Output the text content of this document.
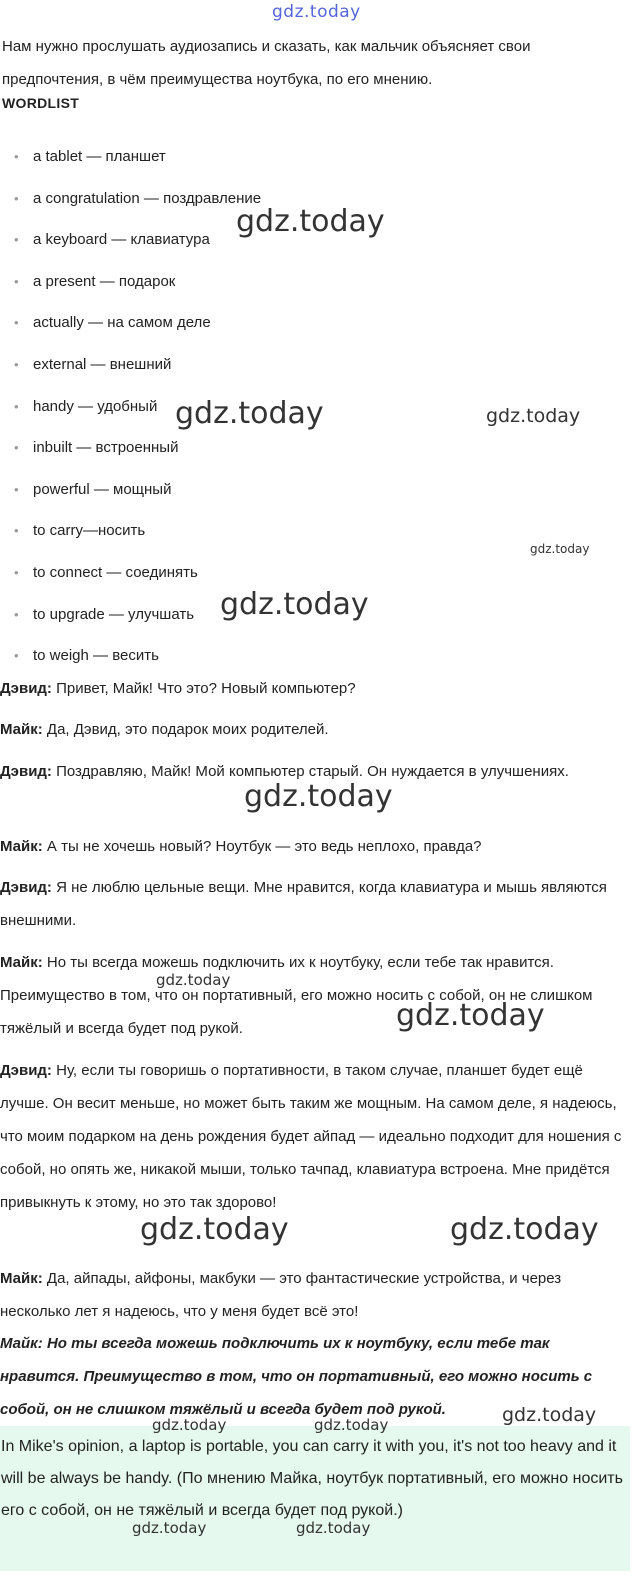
gdz.today
Нам нужно прослушать аудиозапись и сказать, как мальчик объясняет свои предпочтения, в чём преимущества ноутбука, по его мнению.
WORDLIST
• a tablet — планшет
• a congratulation — поздравление
• a keyboard — клавиатура
• a present — подарок
• actually — на самом деле
• external — внешний
• handy — удобный
• inbuilt — встроенный
• powerful — мощный
• to carry—носить
• to connect — соединять
• to upgrade — улучшать
• to weigh — весить
Дэвид: Привет, Майк! Что это? Новый компьютер?
Майк: Да, Дэвид, это подарок моих родителей.
Дэвид: Поздравляю, Майк! Мой компьютер старый. Он нуждается в улучшениях.
Майк: А ты не хочешь новый? Ноутбук — это ведь неплохо, правда?
Дэвид: Я не люблю цельные вещи. Мне нравится, когда клавиатура и мышь являются внешними.
Майк: Но ты всегда можешь подключить их к ноутбуку, если тебе так нравится. Преимущество в том, что он портативный, его можно носить с собой, он не слишком тяжёлый и всегда будет под рукой.
Дэвид: Ну, если ты говоришь о портативности, в таком случае, планшет будет ещё лучше. Он весит меньше, но может быть таким же мощным. На самом деле, я надеюсь, что моим подарком на день рождения будет айпад — идеально подходит для ношения с собой, но опять же, никакой мыши, только тачпад, клавиатура встроена. Мне придётся привыкнуть к этому, но это так здорово!
Майк: Да, айпады, айфоны, макбуки — это фантастические устройства, и через несколько лет я надеюсь, что у меня будет всё это!
Майк: Но ты всегда можешь подключить их к ноутбуку, если тебе так нравится. Преимущество в том, что он портативный, его можно носить с собой, он не слишком тяжёлый и всегда будет под рукой.
In Mike's opinion, a laptop is portable, you can carry it with you, it's not too heavy and it will be always be handy. (По мнению Майка, ноутбук портативный, его можно носить его с собой, он не тяжёлый и всегда будет под рукой.)
gdz.today
gdz.today	gdz.today
gdz.today
gdz.today
gdz.today
gdz.today
gdz.today
gdz.today	gdz.today
gdz.today
gdz.today	gdz.today
gdz.today	gdz.today
